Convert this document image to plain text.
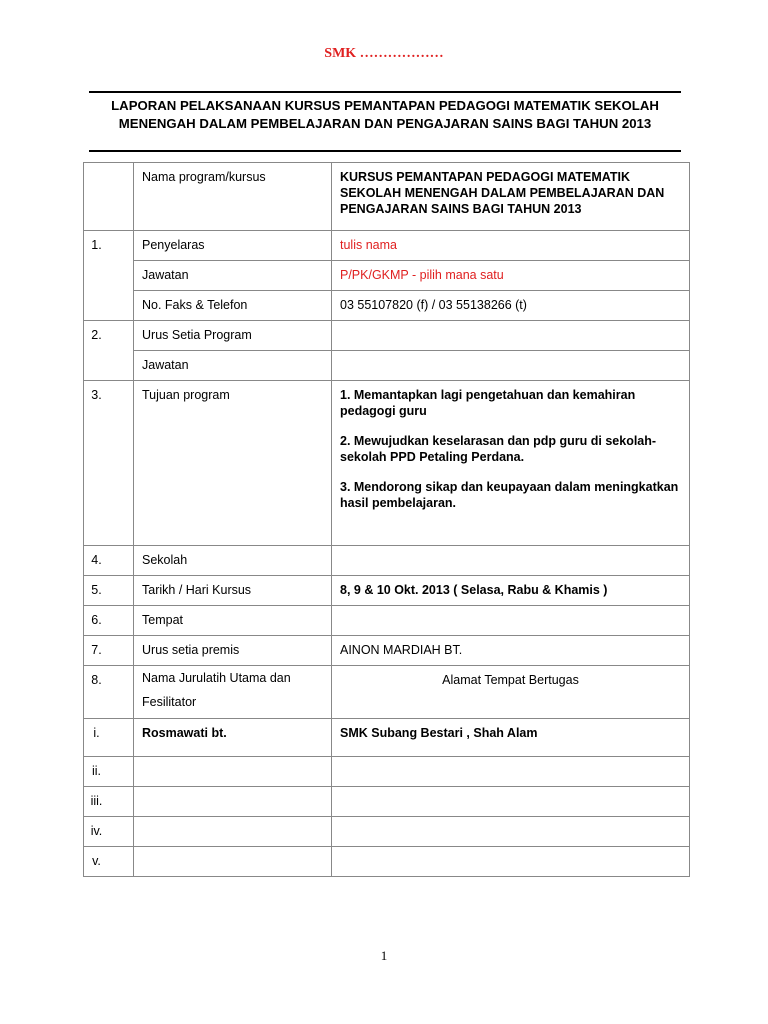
SMK ………………
LAPORAN PELAKSANAAN KURSUS PEMANTAPAN PEDAGOGI MATEMATIK SEKOLAH
MENENGAH DALAM PEMBELAJARAN DAN PENGAJARAN SAINS BAGI TAHUN 2013
	Nama program/kursus	KURSUS PEMANTAPAN PEDAGOGI MATEMATIK
SEKOLAH MENENGAH DALAM PEMBELAJARAN DAN
PENGAJARAN SAINS BAGI TAHUN 2013

1.	Penyelaras	tulis nama
	Jawatan	P/PK/GKMP - pilih mana satu
	No. Faks & Telefon	03 55107820 (f) / 03 55138266 (t)
2.	Urus Setia Program	
	Jawatan	
3.	Tujuan program	1. Memantapkan lagi pengetahuan dan kemahiran pedagogi guru

2. Mewujudkan keselarasan dan pdp guru di sekolah-sekolah PPD Petaling Perdana.

3. Mendorong sikap dan keupayaan dalam meningkatkan hasil pembelajaran.

4.	Sekolah	
5.	Tarikh / Hari Kursus	8, 9 & 10 Okt. 2013 ( Selasa, Rabu & Khamis )
6.	Tempat	
7.	Urus setia premis	AINON MARDIAH BT.
8.	Nama Jurulatih Utama dan
Fesilitator	Alamat Tempat Bertugas
i.	Rosmawati bt.	SMK Subang Bestari , Shah Alam
ii.		
iii.		
iv.		
v.		
1
